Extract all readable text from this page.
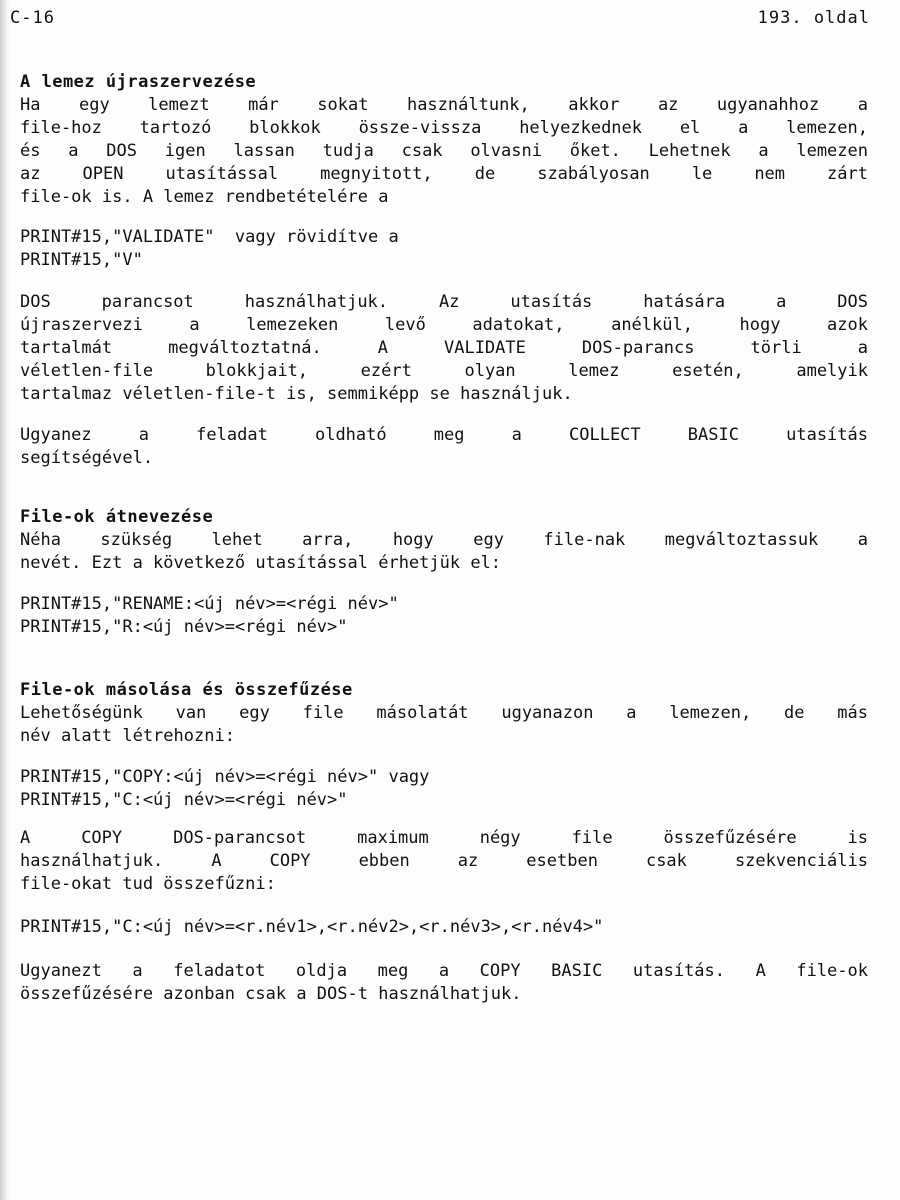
C-16	193. oldal
A lemez újraszervezése
Ha egy lemezt már sokat használtunk, akkor az ugyanahhoz a
file-hoz tartozó blokkok össze-vissza helyezkednek el a lemezen,
és a DOS igen lassan tudja csak olvasni őket. Lehetnek a lemezen
az OPEN utasítással megnyitott, de szabályosan le nem zárt
file-ok is. A lemez rendbetételére a
PRINT#15,"VALIDATE"  vagy rövidítve a
PRINT#15,"V"
DOS parancsot használhatjuk. Az utasítás hatására a DOS
újraszervezi a lemezeken levő adatokat, anélkül, hogy azok
tartalmát megváltoztatná. A VALIDATE DOS-parancs törli a
véletlen-file blokkjait, ezért olyan lemez esetén, amelyik
tartalmaz véletlen-file-t is, semmiképp se használjuk.
Ugyanez a feladat oldható meg a COLLECT BASIC utasítás
segítségével.
File-ok átnevezése
Néha szükség lehet arra, hogy egy file-nak megváltoztassuk a
nevét. Ezt a következő utasítással érhetjük el:
PRINT#15,"RENAME:<új név>=<régi név>"
PRINT#15,"R:<új név>=<régi név>"
File-ok másolása és összefűzése
Lehetőségünk van egy file másolatát ugyanazon a lemezen, de más
név alatt létrehozni:
PRINT#15,"COPY:<új név>=<régi név>" vagy
PRINT#15,"C:<új név>=<régi név>"
A COPY DOS-parancsot maximum négy file összefűzésére is
használhatjuk. A COPY ebben az esetben csak szekvenciális
file-okat tud összefűzni:
PRINT#15,"C:<új név>=<r.név1>,<r.név2>,<r.név3>,<r.név4>"
Ugyanezt a feladatot oldja meg a COPY BASIC utasítás. A file-ok
összefűzésére azonban csak a DOS-t használhatjuk.
